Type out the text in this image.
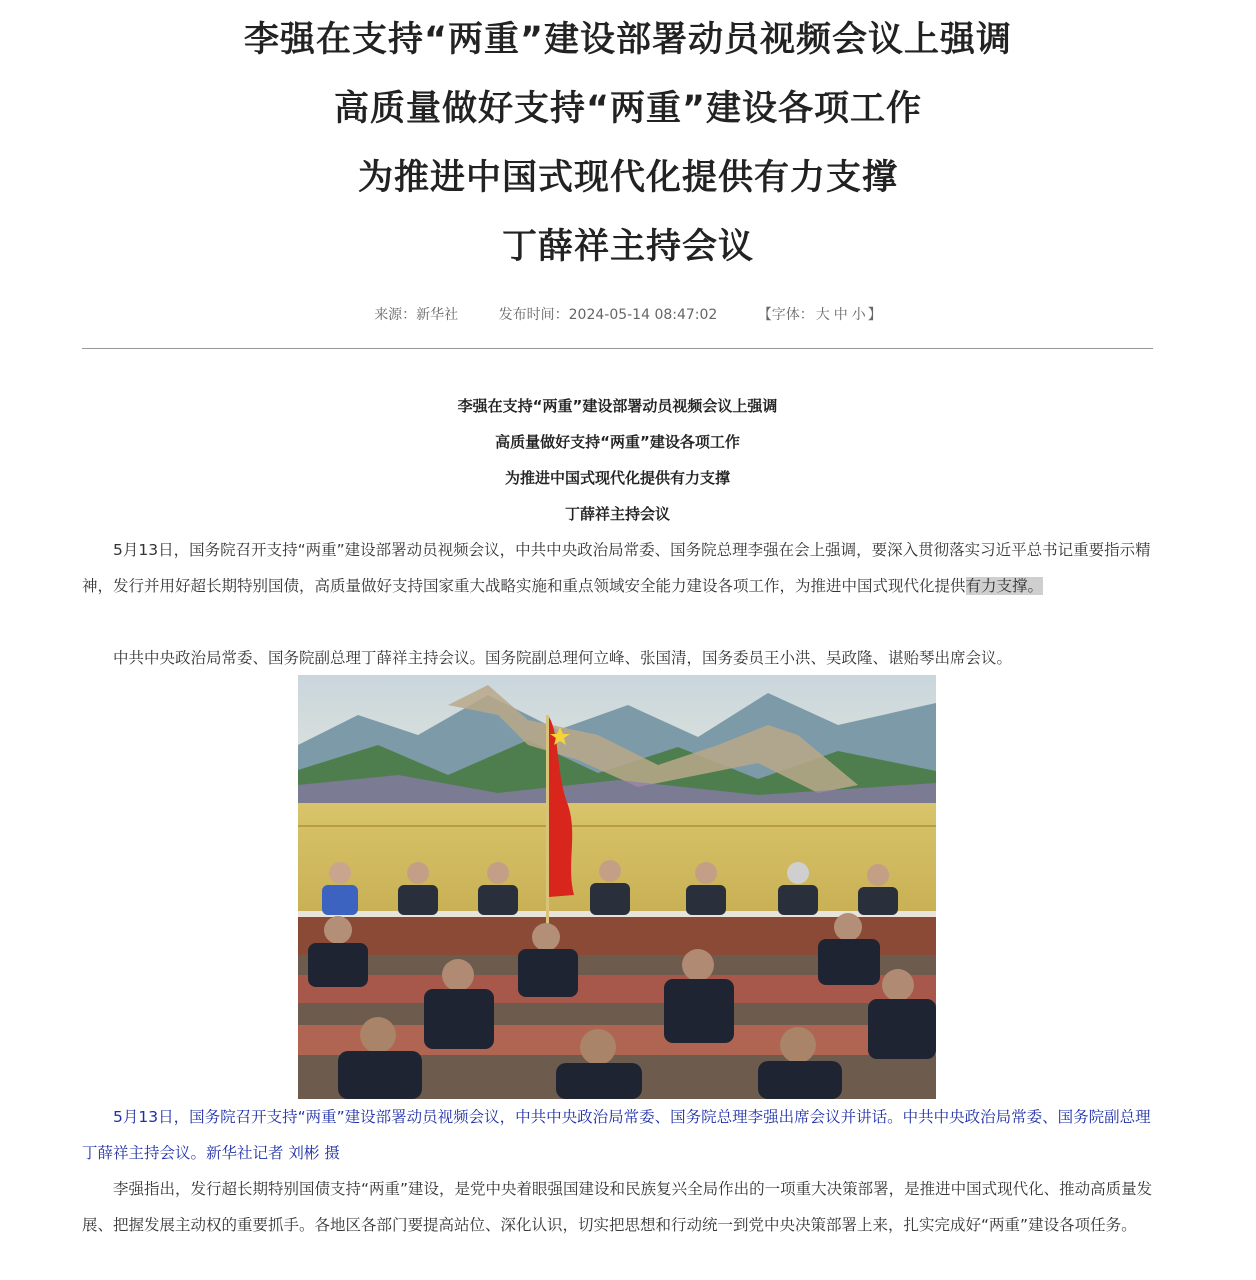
李强在支持“两重”建设部署动员视频会议上强调
高质量做好支持“两重”建设各项工作
为推进中国式现代化提供有力支撑
丁薛祥主持会议
来源：新华社	发布时间：2024-05-14 08:47:02	【字体： 大 中 小 】
李强在支持“两重”建设部署动员视频会议上强调
高质量做好支持“两重”建设各项工作
为推进中国式现代化提供有力支撑
丁薛祥主持会议

5月13日，国务院召开支持“两重”建设部署动员视频会议，中共中央政治局常委、国务院总理李强在会上强调，要深入贯彻落实习近平总书记重要指示精神，发行并用好超长期特别国债，高质量做好支持国家重大战略实施和重点领域安全能力建设各项工作，为推进中国式现代化提供有力支撑。

中共中央政治局常委、国务院副总理丁薛祥主持会议。国务院副总理何立峰、张国清，国务委员王小洪、吴政隆、谌贻琴出席会议。

5月13日，国务院召开支持“两重”建设部署动员视频会议，中共中央政治局常委、国务院总理李强出席会议并讲话。中共中央政治局常委、国务院副总理丁薛祥主持会议。新华社记者 刘彬 摄

李强指出，发行超长期特别国债支持“两重”建设，是党中央着眼强国建设和民族复兴全局作出的一项重大决策部署，是推进中国式现代化、推动高质量发展、把握发展主动权的重要抓手。各地区各部门要提高站位、深化认识，切实把思想和行动统一到党中央决策部署上来，扎实完成好“两重”建设各项任务。
